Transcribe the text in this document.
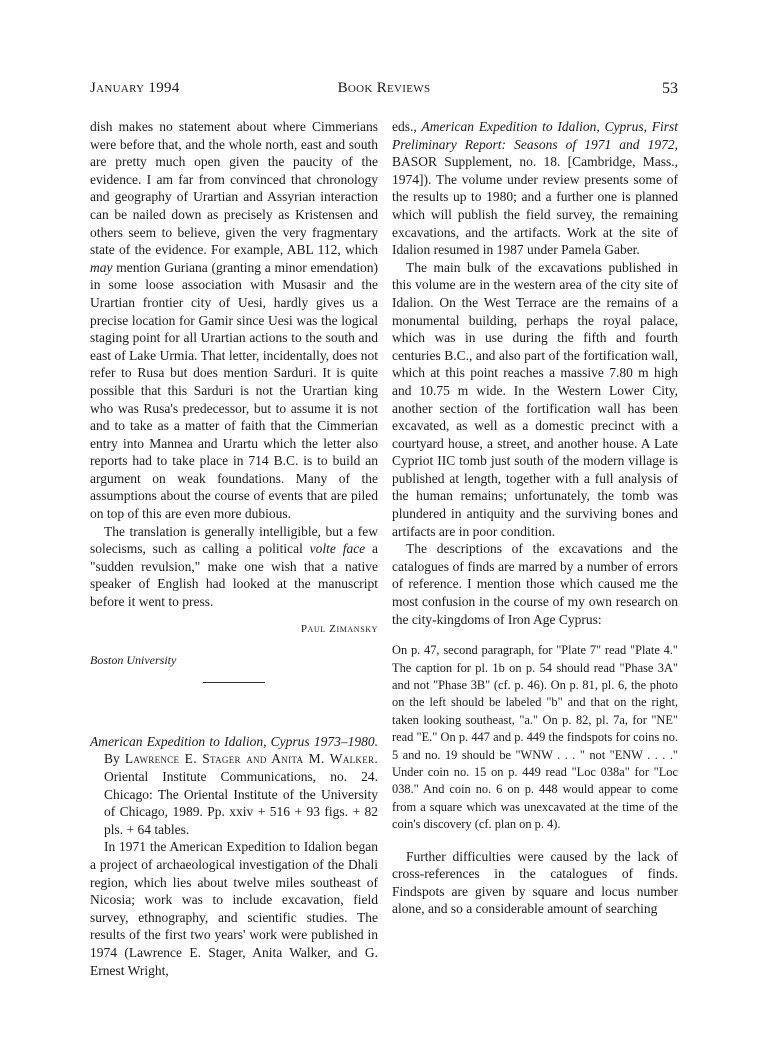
January 1994	Book Reviews	53

dish makes no statement about where Cimmerians were before that, and the whole north, east and south are pretty much open given the paucity of the evidence. I am far from convinced that chronology and geography of Urartian and Assyrian interaction can be nailed down as precisely as Kristensen and others seem to believe, given the very fragmentary state of the evidence. For example, ABL 112, which may mention Guriana (granting a minor emendation) in some loose association with Musasir and the Urartian frontier city of Uesi, hardly gives us a precise location for Gamir since Uesi was the logical staging point for all Urartian actions to the south and east of Lake Urmia. That letter, incidentally, does not refer to Rusa but does mention Sarduri. It is quite possible that this Sarduri is not the Urartian king who was Rusa's predecessor, but to assume it is not and to take as a matter of faith that the Cimmerian entry into Mannea and Urartu which the letter also reports had to take place in 714 B.C. is to build an argument on weak foundations. Many of the assumptions about the course of events that are piled on top of this are even more dubious.

The translation is generally intelligible, but a few solecisms, such as calling a political volte face a "sudden revulsion," make one wish that a native speaker of English had looked at the manuscript before it went to press.

Paul Zimansky
Boston University

American Expedition to Idalion, Cyprus 1973–1980. By Lawrence E. Stager and Anita M. Walker. Oriental Institute Communications, no. 24. Chicago: The Oriental Institute of the University of Chicago, 1989. Pp. xxiv + 516 + 93 figs. + 82 pls. + 64 tables.

In 1971 the American Expedition to Idalion began a project of archaeological investigation of the Dhali region, which lies about twelve miles southeast of Nicosia; work was to include excavation, field survey, ethnography, and scientific studies. The results of the first two years' work were published in 1974 (Lawrence E. Stager, Anita Walker, and G. Ernest Wright,

eds., American Expedition to Idalion, Cyprus, First Preliminary Report: Seasons of 1971 and 1972, BASOR Supplement, no. 18. [Cambridge, Mass., 1974]). The volume under review presents some of the results up to 1980; and a further one is planned which will publish the field survey, the remaining excavations, and the artifacts. Work at the site of Idalion resumed in 1987 under Pamela Gaber.

The main bulk of the excavations published in this volume are in the western area of the city site of Idalion. On the West Terrace are the remains of a monumental building, perhaps the royal palace, which was in use during the fifth and fourth centuries B.C., and also part of the fortification wall, which at this point reaches a massive 7.80 m high and 10.75 m wide. In the Western Lower City, another section of the fortification wall has been excavated, as well as a domestic precinct with a courtyard house, a street, and another house. A Late Cypriot IIC tomb just south of the modern village is published at length, together with a full analysis of the human remains; unfortunately, the tomb was plundered in antiquity and the surviving bones and artifacts are in poor condition.

The descriptions of the excavations and the catalogues of finds are marred by a number of errors of reference. I mention those which caused me the most confusion in the course of my own research on the city-kingdoms of Iron Age Cyprus:

On p. 47, second paragraph, for "Plate 7" read "Plate 4." The caption for pl. 1b on p. 54 should read "Phase 3A" and not "Phase 3B" (cf. p. 46). On p. 81, pl. 6, the photo on the left should be labeled "b" and that on the right, taken looking southeast, "a." On p. 82, pl. 7a, for "NE" read "E." On p. 447 and p. 449 the findspots for coins no. 5 and no. 19 should be "WNW . . . " not "ENW . . . ." Under coin no. 15 on p. 449 read "Loc 038a" for "Loc 038." And coin no. 6 on p. 448 would appear to come from a square which was unexcavated at the time of the coin's discovery (cf. plan on p. 4).

Further difficulties were caused by the lack of cross-references in the catalogues of finds. Findspots are given by square and locus number alone, and so a considerable amount of searching
